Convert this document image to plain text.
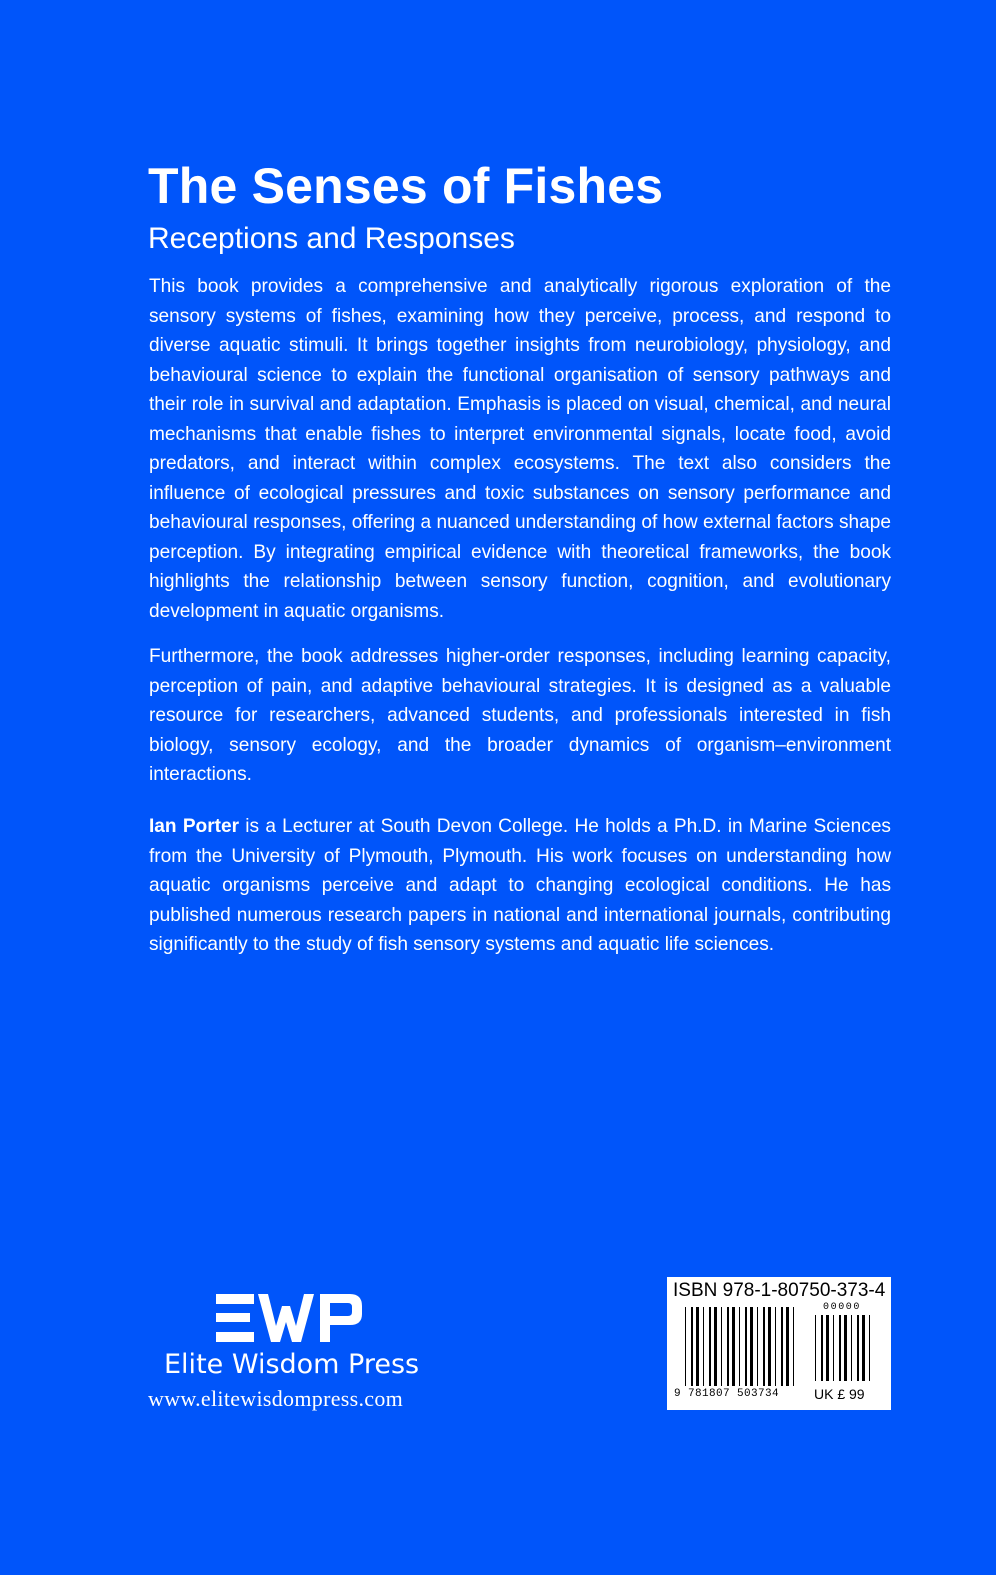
The Senses of Fishes
Receptions and Responses

This book provides a comprehensive and analytically rigorous exploration of the sensory systems of fishes, examining how they perceive, process, and respond to diverse aquatic stimuli. It brings together insights from neurobiology, physiology, and behavioural science to explain the functional organisation of sensory pathways and their role in survival and adaptation. Emphasis is placed on visual, chemical, and neural mechanisms that enable fishes to interpret environmental signals, locate food, avoid predators, and interact within complex ecosystems. The text also considers the influence of ecological pressures and toxic substances on sensory performance and behavioural responses, offering a nuanced understanding of how external factors shape perception. By integrating empirical evidence with theoretical frameworks, the book highlights the relationship between sensory function, cognition, and evolutionary development in aquatic organisms.

Furthermore, the book addresses higher-order responses, including learning capacity, perception of pain, and adaptive behavioural strategies. It is designed as a valuable resource for researchers, advanced students, and professionals interested in fish biology, sensory ecology, and the broader dynamics of organism–environment interactions.

Ian Porter is a Lecturer at South Devon College. He holds a Ph.D. in Marine Sciences from the University of Plymouth, Plymouth. His work focuses on understanding how aquatic organisms perceive and adapt to changing ecological conditions. He has published numerous research papers in national and international journals, contributing significantly to the study of fish sensory systems and aquatic life sciences.

Elite Wisdom Press
www.elitewisdompress.com
ISBN 978-1-80750-373-4
00000
9 781807 503734 UK £ 99
